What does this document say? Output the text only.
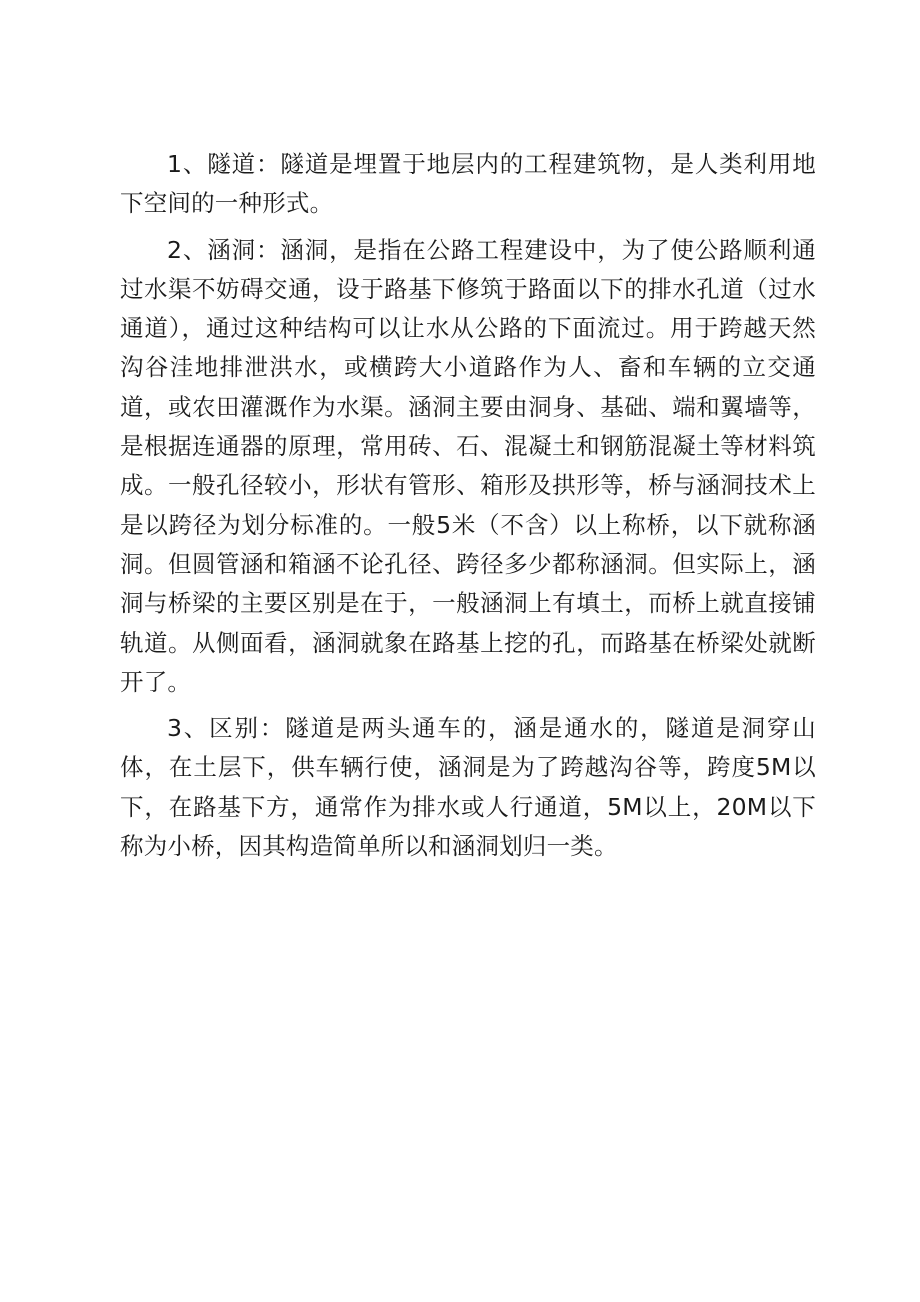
1、隧道：隧道是埋置于地层内的工程建筑物，是人类利用地下空间的一种形式。

2、涵洞：涵洞，是指在公路工程建设中，为了使公路顺利通过水渠不妨碍交通，设于路基下修筑于路面以下的排水孔道（过水通道），通过这种结构可以让水从公路的下面流过。用于跨越天然沟谷洼地排泄洪水，或横跨大小道路作为人、畜和车辆的立交通道，或农田灌溉作为水渠。涵洞主要由洞身、基础、端和翼墙等，是根据连通器的原理，常用砖、石、混凝土和钢筋混凝土等材料筑成。一般孔径较小，形状有管形、箱形及拱形等，桥与涵洞技术上是以跨径为划分标准的。一般5米（不含）以上称桥，以下就称涵洞。但圆管涵和箱涵不论孔径、跨径多少都称涵洞。但实际上，涵洞与桥梁的主要区别是在于，一般涵洞上有填土，而桥上就直接铺轨道。从侧面看，涵洞就象在路基上挖的孔，而路基在桥梁处就断开了。

3、区别：隧道是两头通车的，涵是通水的，隧道是洞穿山体，在土层下，供车辆行使，涵洞是为了跨越沟谷等，跨度5M以下，在路基下方，通常作为排水或人行通道，5M以上，20M以下称为小桥，因其构造简单所以和涵洞划归一类。
